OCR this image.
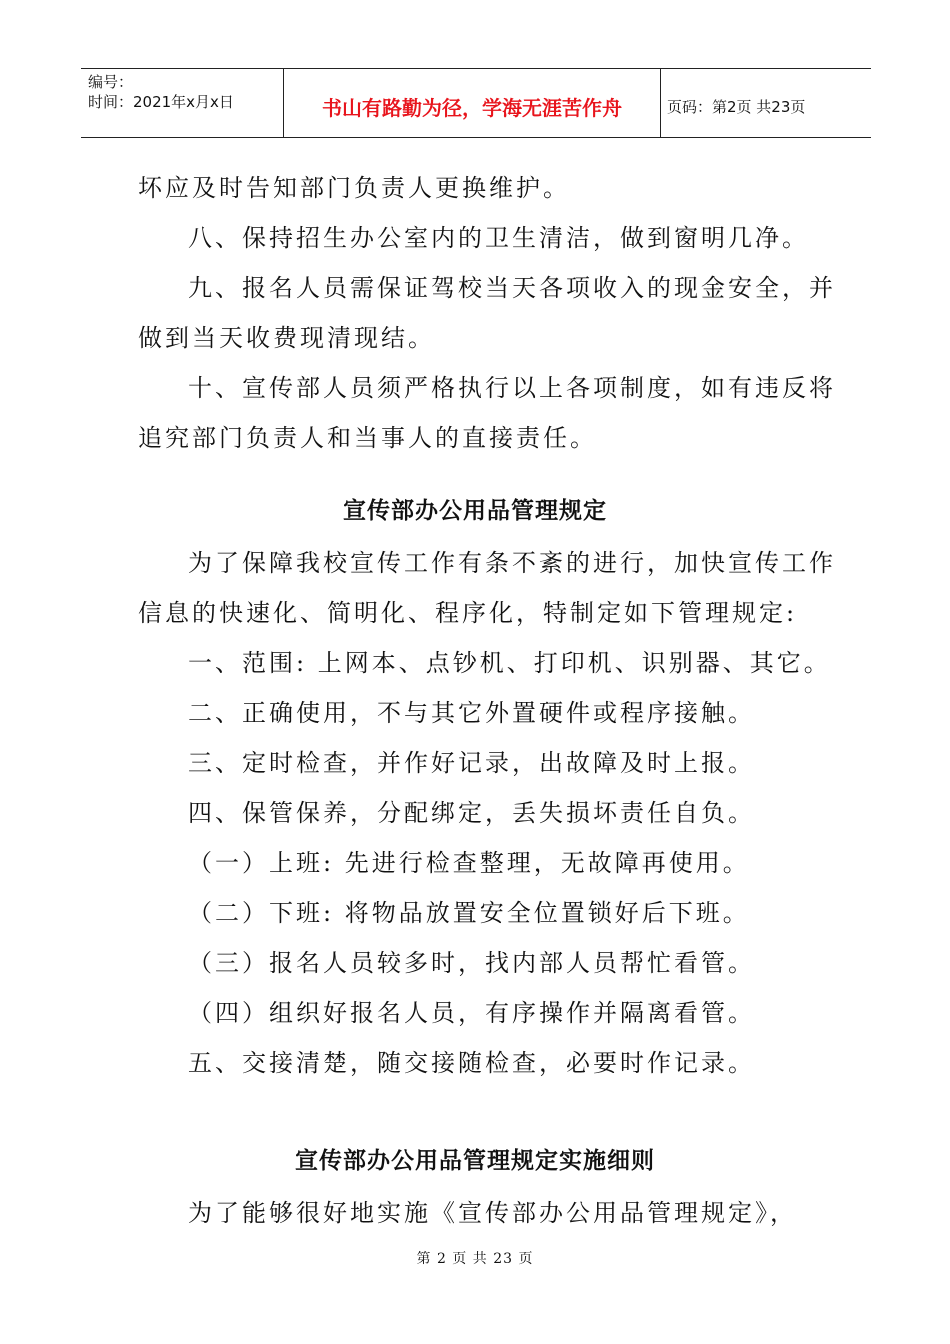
编号：
时间：2021年x月x日	书山有路勤为径，学海无涯苦作舟	页码：第2页 共23页
坏应及时告知部门负责人更换维护。
八、保持招生办公室内的卫生清洁，做到窗明几净。
九、报名人员需保证驾校当天各项收入的现金安全，并
做到当天收费现清现结。
十、宣传部人员须严格执行以上各项制度，如有违反将
追究部门负责人和当事人的直接责任。
宣传部办公用品管理规定
为了保障我校宣传工作有条不紊的进行，加快宣传工作
信息的快速化、简明化、程序化，特制定如下管理规定:
一、范围: 上网本、点钞机、打印机、识别器、其它。
二、正确使用，不与其它外置硬件或程序接触。
三、定时检查，并作好记录，出故障及时上报。
四、保管保养，分配绑定，丢失损坏责任自负。
（一）上班: 先进行检查整理，无故障再使用。
（二）下班: 将物品放置安全位置锁好后下班。
（三）报名人员较多时，找内部人员帮忙看管。
（四）组织好报名人员，有序操作并隔离看管。
五、交接清楚，随交接随检查，必要时作记录。
宣传部办公用品管理规定实施细则
为了能够很好地实施《宣传部办公用品管理规定》，
第 2 页 共 23 页
